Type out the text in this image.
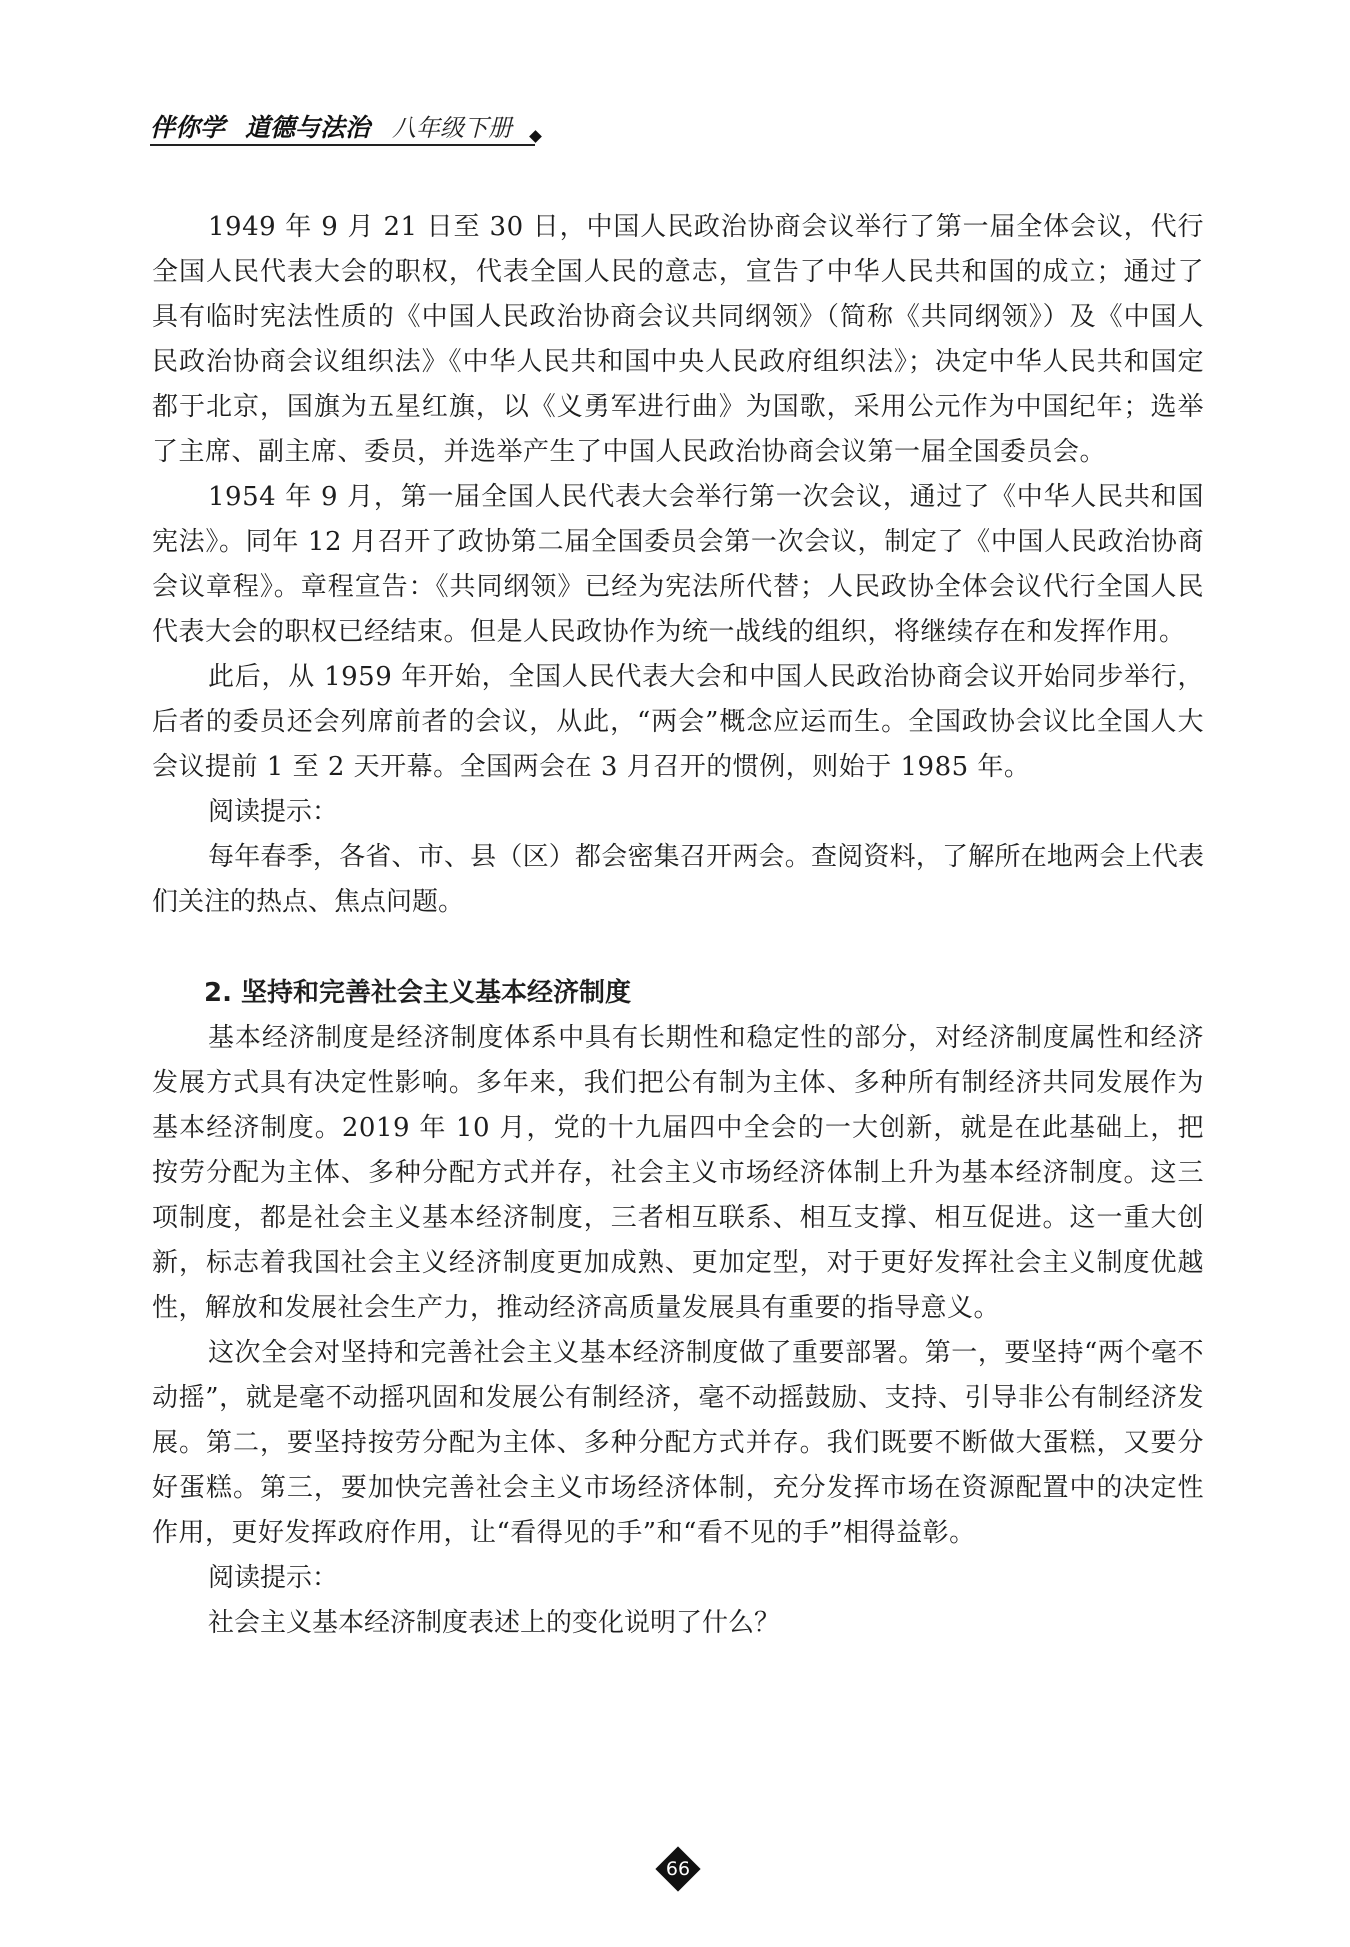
伴你学 道德与法治 八年级下册

1949 年 9 月 21 日至 30 日，中国人民政治协商会议举行了第一届全体会议，代行全国人民代表大会的职权，代表全国人民的意志，宣告了中华人民共和国的成立；通过了具有临时宪法性质的《中国人民政治协商会议共同纲领》（简称《共同纲领》）及《中国人民政治协商会议组织法》《中华人民共和国中央人民政府组织法》；决定中华人民共和国定都于北京，国旗为五星红旗，以《义勇军进行曲》为国歌，采用公元作为中国纪年；选举了主席、副主席、委员，并选举产生了中国人民政治协商会议第一届全国委员会。

1954 年 9 月，第一届全国人民代表大会举行第一次会议，通过了《中华人民共和国宪法》。同年 12 月召开了政协第二届全国委员会第一次会议，制定了《中国人民政治协商会议章程》。章程宣告：《共同纲领》已经为宪法所代替；人民政协全体会议代行全国人民代表大会的职权已经结束。但是人民政协作为统一战线的组织，将继续存在和发挥作用。

此后，从 1959 年开始，全国人民代表大会和中国人民政治协商会议开始同步举行，后者的委员还会列席前者的会议，从此，“两会”概念应运而生。全国政协会议比全国人大会议提前 1 至 2 天开幕。全国两会在 3 月召开的惯例，则始于 1985 年。

阅读提示：

每年春季，各省、市、县（区）都会密集召开两会。查阅资料，了解所在地两会上代表们关注的热点、焦点问题。

2. 坚持和完善社会主义基本经济制度

基本经济制度是经济制度体系中具有长期性和稳定性的部分，对经济制度属性和经济发展方式具有决定性影响。多年来，我们把公有制为主体、多种所有制经济共同发展作为基本经济制度。2019 年 10 月，党的十九届四中全会的一大创新，就是在此基础上，把按劳分配为主体、多种分配方式并存，社会主义市场经济体制上升为基本经济制度。这三项制度，都是社会主义基本经济制度，三者相互联系、相互支撑、相互促进。这一重大创新，标志着我国社会主义经济制度更加成熟、更加定型，对于更好发挥社会主义制度优越性，解放和发展社会生产力，推动经济高质量发展具有重要的指导意义。

这次全会对坚持和完善社会主义基本经济制度做了重要部署。第一，要坚持“两个毫不动摇”，就是毫不动摇巩固和发展公有制经济，毫不动摇鼓励、支持、引导非公有制经济发展。第二，要坚持按劳分配为主体、多种分配方式并存。我们既要不断做大蛋糕，又要分好蛋糕。第三，要加快完善社会主义市场经济体制，充分发挥市场在资源配置中的决定性作用，更好发挥政府作用，让“看得见的手”和“看不见的手”相得益彰。

阅读提示：

社会主义基本经济制度表述上的变化说明了什么？

66
